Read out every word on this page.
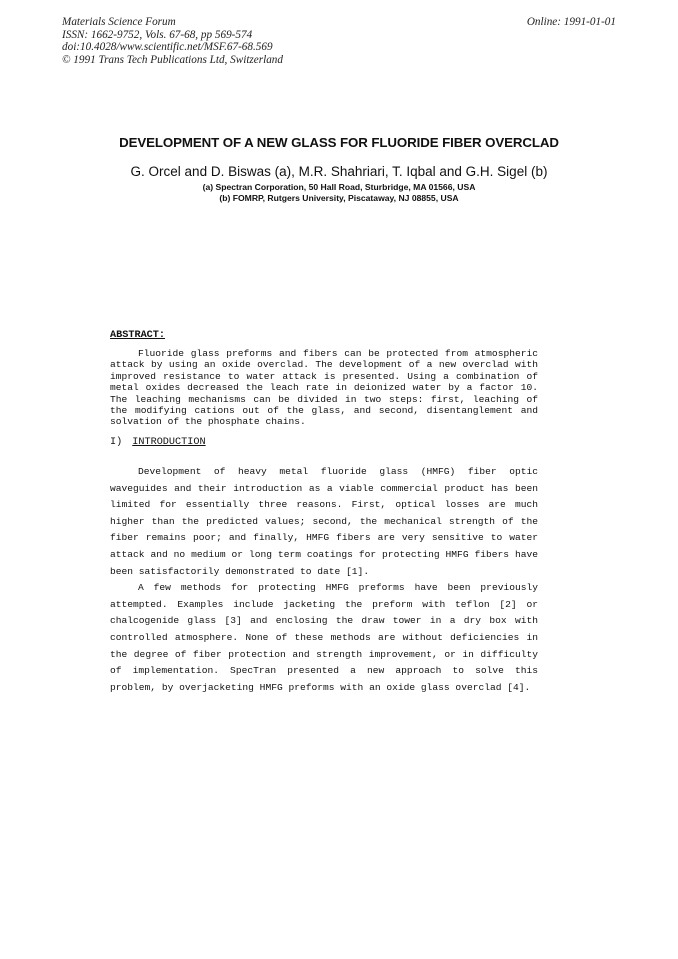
Materials Science Forum
ISSN: 1662-9752, Vols. 67-68, pp 569-574
doi:10.4028/www.scientific.net/MSF.67-68.569
© 1991 Trans Tech Publications Ltd, Switzerland
Online: 1991-01-01
DEVELOPMENT OF A NEW GLASS FOR FLUORIDE FIBER OVERCLAD
G. Orcel and D. Biswas (a), M.R. Shahriari, T. Iqbal and G.H. Sigel (b)
(a) Spectran Corporation, 50 Hall Road, Sturbridge, MA 01566, USA
(b) FOMRP, Rutgers University, Piscataway, NJ 08855, USA
ABSTRACT:

Fluoride glass preforms and fibers can be protected from atmospheric attack by using an oxide overclad. The development of a new overclad with improved resistance to water attack is presented. Using a combination of metal oxides decreased the leach rate in deionized water by a factor 10. The leaching mechanisms can be divided in two steps: first, leaching of the modifying cations out of the glass, and second, disentanglement and solvation of the phosphate chains.

I) INTRODUCTION

Development of heavy metal fluoride glass (HMFG) fiber optic waveguides and their introduction as a viable commercial product has been limited for essentially three reasons. First, optical losses are much higher than the predicted values; second, the mechanical strength of the fiber remains poor; and finally, HMFG fibers are very sensitive to water attack and no medium or long term coatings for protecting HMFG fibers have been satisfactorily demonstrated to date [1].

A few methods for protecting HMFG preforms have been previously attempted. Examples include jacketing the preform with teflon [2] or chalcogenide glass [3] and enclosing the draw tower in a dry box with controlled atmosphere. None of these methods are without deficiencies in the degree of fiber protection and strength improvement, or in difficulty of implementation. SpecTran presented a new approach to solve this problem, by overjacketing HMFG preforms with an oxide glass overclad [4].
